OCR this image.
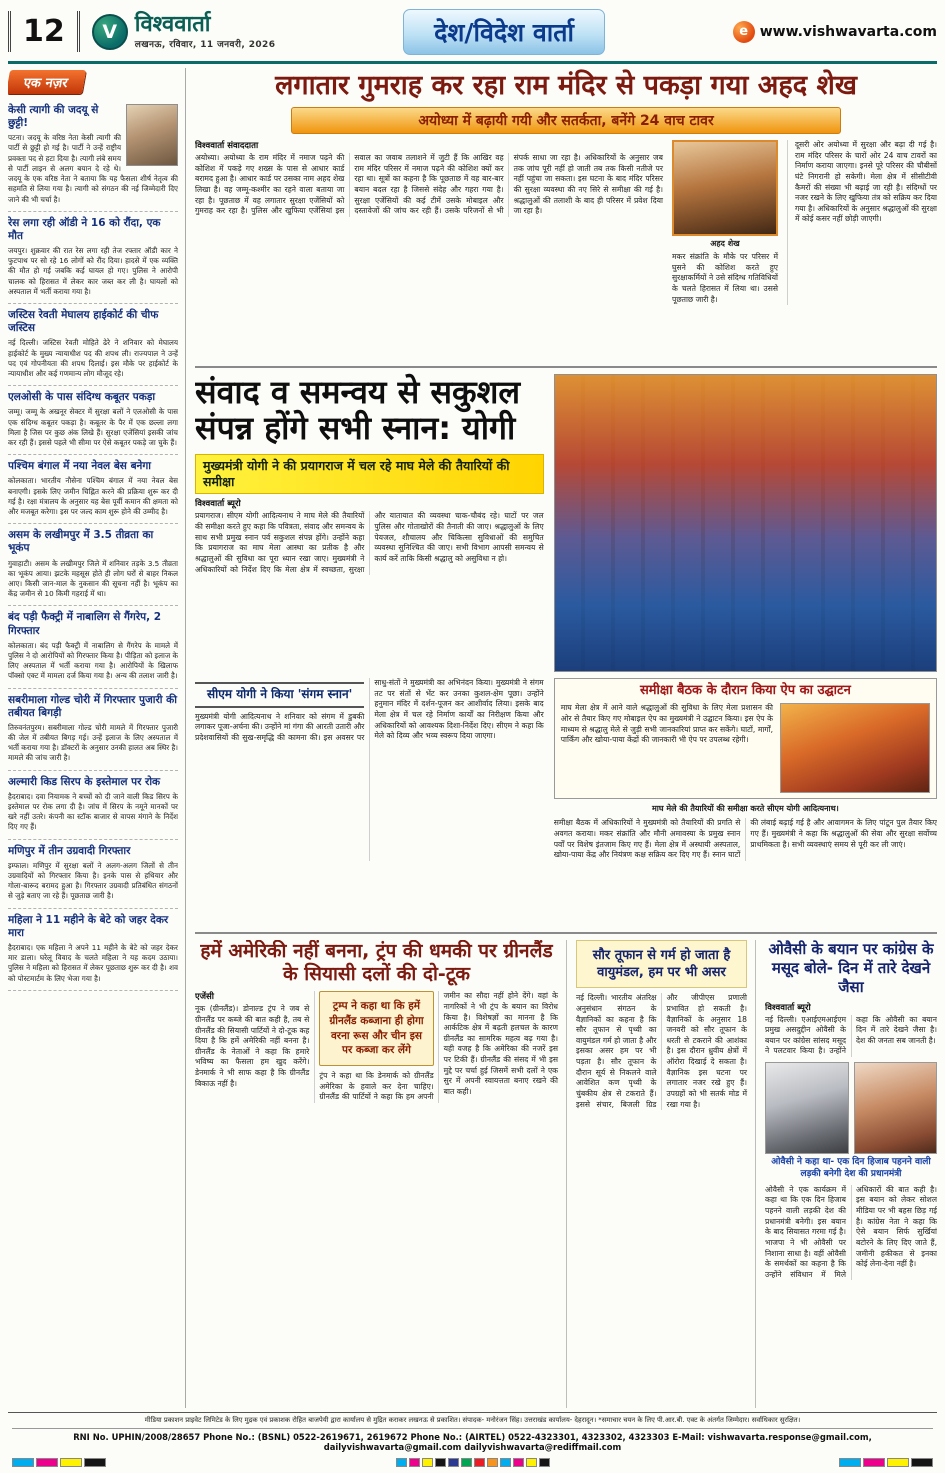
12	V विश्ववार्ता
लखनऊ, रविवार, 11 जनवरी, 2026	देश/विदेश वार्ता	e www.vishwavarta.com
एक नज़र
केसी त्यागी की जदयू से छुट्टी!
पटना। जदयू के वरिष्ठ नेता केसी त्यागी की पार्टी से छुट्टी हो गई है। पार्टी ने उन्हें राष्ट्रीय प्रवक्ता पद से हटा दिया है। त्यागी लंबे समय से पार्टी लाइन से अलग बयान दे रहे थे। जदयू के एक वरिष्ठ नेता ने बताया कि यह फैसला शीर्ष नेतृत्व की सहमति से लिया गया है। त्यागी को संगठन की नई जिम्मेदारी दिए जाने की भी चर्चा है।
रेस लगा रही ऑडी ने 16 को रौंदा, एक मौत
जयपुर। शुक्रवार की रात रेस लगा रही तेज रफ्तार ऑडी कार ने फुटपाथ पर सो रहे 16 लोगों को रौंद दिया। हादसे में एक व्यक्ति की मौत हो गई जबकि कई घायल हो गए। पुलिस ने आरोपी चालक को हिरासत में लेकर कार जब्त कर ली है। घायलों को अस्पताल में भर्ती कराया गया है।
जस्टिस रेवती मेघालय हाईकोर्ट की चीफ जस्टिस
नई दिल्ली। जस्टिस रेवती मोहिते ढेरे ने शनिवार को मेघालय हाईकोर्ट के मुख्य न्यायाधीश पद की शपथ ली। राज्यपाल ने उन्हें पद एवं गोपनीयता की शपथ दिलाई। इस मौके पर हाईकोर्ट के न्यायाधीश और कई गणमान्य लोग मौजूद रहे।
एलओसी के पास संदिग्ध कबूतर पकड़ा
जम्मू। जम्मू के अखनूर सेक्टर में सुरक्षा बलों ने एलओसी के पास एक संदिग्ध कबूतर पकड़ा है। कबूतर के पैर में एक छल्ला लगा मिला है जिस पर कुछ अंक लिखे हैं। सुरक्षा एजेंसियां इसकी जांच कर रही हैं। इससे पहले भी सीमा पर ऐसे कबूतर पकड़े जा चुके हैं।
पश्चिम बंगाल में नया नेवल बेस बनेगा
कोलकाता। भारतीय नौसेना पश्चिम बंगाल में नया नेवल बेस बनाएगी। इसके लिए जमीन चिह्नित करने की प्रक्रिया शुरू कर दी गई है। रक्षा मंत्रालय के अनुसार यह बेस पूर्वी कमान की क्षमता को और मजबूत करेगा। इस पर जल्द काम शुरू होने की उम्मीद है।
असम के लखीमपुर में 3.5 तीव्रता का भूकंप
गुवाहाटी। असम के लखीमपुर जिले में शनिवार तड़के 3.5 तीव्रता का भूकंप आया। झटके महसूस होते ही लोग घरों से बाहर निकल आए। किसी जान-माल के नुकसान की सूचना नहीं है। भूकंप का केंद्र जमीन से 10 किमी गहराई में था।
बंद पड़ी फैक्ट्री में नाबालिग से गैंगरेप, 2 गिरफ्तार
कोलकाता। बंद पड़ी फैक्ट्री में नाबालिग से गैंगरेप के मामले में पुलिस ने दो आरोपियों को गिरफ्तार किया है। पीड़िता को इलाज के लिए अस्पताल में भर्ती कराया गया है। आरोपियों के खिलाफ पॉक्सो एक्ट में मामला दर्ज किया गया है। अन्य की तलाश जारी है।
सबरीमाला गोल्ड चोरी में गिरफ्तार पुजारी की तबीयत बिगड़ी
तिरुवनंतपुरम। सबरीमाला गोल्ड चोरी मामले में गिरफ्तार पुजारी की जेल में तबीयत बिगड़ गई। उन्हें इलाज के लिए अस्पताल में भर्ती कराया गया है। डॉक्टरों के अनुसार उनकी हालत अब स्थिर है। मामले की जांच जारी है।
अल्मारी किड सिरप के इस्तेमाल पर रोक
हैदराबाद। दवा नियामक ने बच्चों को दी जाने वाली किड सिरप के इस्तेमाल पर रोक लगा दी है। जांच में सिरप के नमूने मानकों पर खरे नहीं उतरे। कंपनी का स्टॉक बाजार से वापस मंगाने के निर्देश दिए गए हैं।
मणिपुर में तीन उग्रवादी गिरफ्तार
इम्फाल। मणिपुर में सुरक्षा बलों ने अलग-अलग जिलों से तीन उग्रवादियों को गिरफ्तार किया है। इनके पास से हथियार और गोला-बारूद बरामद हुआ है। गिरफ्तार उग्रवादी प्रतिबंधित संगठनों से जुड़े बताए जा रहे हैं। पूछताछ जारी है।
महिला ने 11 महीने के बेटे को जहर देकर मारा
हैदराबाद। एक महिला ने अपने 11 महीने के बेटे को जहर देकर मार डाला। घरेलू विवाद के चलते महिला ने यह कदम उठाया। पुलिस ने महिला को हिरासत में लेकर पूछताछ शुरू कर दी है। शव को पोस्टमार्टम के लिए भेजा गया है।
लगातार गुमराह कर रहा राम मंदिर से पकड़ा गया अहद शेख
अयोध्या में बढ़ायी गयी और सतर्कता, बनेंगे 24 वाच टावर
विश्ववार्ता संवाददाता
अयोध्या। अयोध्या के राम मंदिर में नमाज पढ़ने की कोशिश में पकड़े गए शख्स के पास से आधार कार्ड बरामद हुआ है। आधार कार्ड पर उसका नाम अहद शेख लिखा है। वह जम्मू-कश्मीर का रहने वाला बताया जा रहा है। पूछताछ में वह लगातार सुरक्षा एजेंसियों को गुमराह कर रहा है। पुलिस और खुफिया एजेंसियां इस सवाल का जवाब तलाशने में जुटी हैं कि आखिर वह राम मंदिर परिसर में नमाज पढ़ने की कोशिश क्यों कर रहा था। सूत्रों का कहना है कि पूछताछ में वह बार-बार बयान बदल रहा है जिससे संदेह और गहरा गया है। सुरक्षा एजेंसियों की कई टीमें उसके मोबाइल और दस्तावेजों की जांच कर रही हैं। उसके परिजनों से भी संपर्क साधा जा रहा है। अधिकारियों के अनुसार जब तक जांच पूरी नहीं हो जाती तब तक किसी नतीजे पर नहीं पहुंचा जा सकता। इस घटना के बाद मंदिर परिसर की सुरक्षा व्यवस्था की नए सिरे से समीक्षा की गई है। श्रद्धालुओं की तलाशी के बाद ही परिसर में प्रवेश दिया जा रहा है।
अहद शेख
मकर संक्रांति के मौके पर परिसर में घुसने की कोशिश करते हुए सुरक्षाकर्मियों ने उसे संदिग्ध गतिविधियों के चलते हिरासत में लिया था। उससे पूछताछ जारी है।
दूसरी ओर अयोध्या में सुरक्षा और बढ़ा दी गई है। राम मंदिर परिसर के चारों ओर 24 वाच टावरों का निर्माण कराया जाएगा। इनसे पूरे परिसर की चौबीसों घंटे निगरानी हो सकेगी। मेला क्षेत्र में सीसीटीवी कैमरों की संख्या भी बढ़ाई जा रही है। संदिग्धों पर नजर रखने के लिए खुफिया तंत्र को सक्रिय कर दिया गया है। अधिकारियों के अनुसार श्रद्धालुओं की सुरक्षा में कोई कसर नहीं छोड़ी जाएगी।
संवाद व समन्वय से सकुशल
संपन्न होंगे सभी स्नान: योगी
मुख्यमंत्री योगी ने की प्रयागराज में चल रहे माघ मेले की तैयारियों की समीक्षा
विश्ववार्ता ब्यूरो
प्रयागराज। सीएम योगी आदित्यनाथ ने माघ मेले की तैयारियों की समीक्षा करते हुए कहा कि पवित्रता, संवाद और समन्वय के साथ सभी प्रमुख स्नान पर्व सकुशल संपन्न होंगे। उन्होंने कहा कि प्रयागराज का माघ मेला आस्था का प्रतीक है और श्रद्धालुओं की सुविधा का पूरा ध्यान रखा जाए। मुख्यमंत्री ने अधिकारियों को निर्देश दिए कि मेला क्षेत्र में स्वच्छता, सुरक्षा और यातायात की व्यवस्था चाक-चौबंद रहे। घाटों पर जल पुलिस और गोताखोरों की तैनाती की जाए। श्रद्धालुओं के लिए पेयजल, शौचालय और चिकित्सा सुविधाओं की समुचित व्यवस्था सुनिश्चित की जाए। सभी विभाग आपसी समन्वय से कार्य करें ताकि किसी श्रद्धालु को असुविधा न हो।
सीएम योगी ने किया 'संगम स्नान'
मुख्यमंत्री योगी आदित्यनाथ ने शनिवार को संगम में डुबकी लगाकर पूजा-अर्चना की। उन्होंने मां गंगा की आरती उतारी और प्रदेशवासियों की सुख-समृद्धि की कामना की। इस अवसर पर साधु-संतों ने मुख्यमंत्री का अभिनंदन किया। मुख्यमंत्री ने संगम तट पर संतों से भेंट कर उनका कुशल-क्षेम पूछा। उन्होंने हनुमान मंदिर में दर्शन-पूजन कर आशीर्वाद लिया। इसके बाद मेला क्षेत्र में चल रहे निर्माण कार्यों का निरीक्षण किया और अधिकारियों को आवश्यक दिशा-निर्देश दिए। सीएम ने कहा कि मेले को दिव्य और भव्य स्वरूप दिया जाएगा।
समीक्षा बैठक के दौरान किया ऐप का उद्घाटन
माघ मेला क्षेत्र में आने वाले श्रद्धालुओं की सुविधा के लिए मेला प्रशासन की ओर से तैयार किए गए मोबाइल ऐप का मुख्यमंत्री ने उद्घाटन किया। इस ऐप के माध्यम से श्रद्धालु मेले से जुड़ी सभी जानकारियां प्राप्त कर सकेंगे। घाटों, मार्गों, पार्किंग और खोया-पाया केंद्रों की जानकारी भी ऐप पर उपलब्ध रहेगी।
माघ मेले की तैयारियों की समीक्षा करते सीएम योगी आदित्यनाथ।
समीक्षा बैठक में अधिकारियों ने मुख्यमंत्री को तैयारियों की प्रगति से अवगत कराया। मकर संक्रांति और मौनी अमावस्या के प्रमुख स्नान पर्वों पर विशेष इंतजाम किए गए हैं। मेला क्षेत्र में अस्थायी अस्पताल, खोया-पाया केंद्र और नियंत्रण कक्ष सक्रिय कर दिए गए हैं। स्नान घाटों की लंबाई बढ़ाई गई है और आवागमन के लिए पांटून पुल तैयार किए गए हैं। मुख्यमंत्री ने कहा कि श्रद्धालुओं की सेवा और सुरक्षा सर्वोच्च प्राथमिकता है। सभी व्यवस्थाएं समय से पूरी कर ली जाएं।
हमें अमेरिकी नहीं बनना, ट्रंप की धमकी पर ग्रीनलैंड के सियासी दलों की दो-टूक
एजेंसी
नूक (ग्रीनलैंड)। डोनाल्ड ट्रंप ने जब से ग्रीनलैंड पर कब्जे की बात कही है, तब से ग्रीनलैंड की सियासी पार्टियों ने दो-टूक कह दिया है कि हमें अमेरिकी नहीं बनना है। ग्रीनलैंड के नेताओं ने कहा कि हमारे भविष्य का फैसला हम खुद करेंगे। डेनमार्क ने भी साफ कहा है कि ग्रीनलैंड बिकाऊ नहीं है।
ट्रम्प ने कहा था कि हमें ग्रीनलैंड कब्जाना ही होगा वरना रूस और चीन इस पर कब्जा कर लेंगे
ट्रंप ने कहा था कि डेनमार्क को ग्रीनलैंड अमेरिका के हवाले कर देना चाहिए। ग्रीनलैंड की पार्टियों ने कहा कि हम अपनी जमीन का सौदा नहीं होने देंगे। वहां के नागरिकों ने भी ट्रंप के बयान का विरोध किया है। विशेषज्ञों का मानना है कि आर्कटिक क्षेत्र में बढ़ती हलचल के कारण ग्रीनलैंड का सामरिक महत्व बढ़ गया है। यही वजह है कि अमेरिका की नजरें इस पर टिकी हैं। ग्रीनलैंड की संसद में भी इस मुद्दे पर चर्चा हुई जिसमें सभी दलों ने एक सुर में अपनी स्वायत्तता बनाए रखने की बात कही।
सौर तूफान से गर्म हो जाता है वायुमंडल, हम पर भी असर
नई दिल्ली। भारतीय अंतरिक्ष अनुसंधान संगठन के वैज्ञानिकों का कहना है कि सौर तूफान से पृथ्वी का वायुमंडल गर्म हो जाता है और इसका असर हम पर भी पड़ता है। सौर तूफान के दौरान सूर्य से निकलने वाले आवेशित कण पृथ्वी के चुंबकीय क्षेत्र से टकराते हैं। इससे संचार, बिजली ग्रिड और जीपीएस प्रणाली प्रभावित हो सकती है। वैज्ञानिकों के अनुसार 18 जनवरी को सौर तूफान के धरती से टकराने की आशंका है। इस दौरान ध्रुवीय क्षेत्रों में ऑरोरा दिखाई दे सकता है। वैज्ञानिक इस घटना पर लगातार नजर रखे हुए हैं। उपग्रहों को भी सतर्क मोड में रखा गया है।
ओवैसी के बयान पर कांग्रेस के मसूद बोले- दिन में तारे देखने जैसा
विश्ववार्ता ब्यूरो
नई दिल्ली। एआईएमआईएम प्रमुख असदुद्दीन ओवैसी के बयान पर कांग्रेस सांसद मसूद ने पलटवार किया है। उन्होंने कहा कि ओवैसी का बयान दिन में तारे देखने जैसा है। देश की जनता सब जानती है।
ओवैसी ने कहा था- एक दिन हिजाब पहनने वाली लड़की बनेगी देश की प्रधानमंत्री
ओवैसी ने एक कार्यक्रम में कहा था कि एक दिन हिजाब पहनने वाली लड़की देश की प्रधानमंत्री बनेगी। इस बयान के बाद सियासत गरमा गई है। भाजपा ने भी ओवैसी पर निशाना साधा है। वहीं ओवैसी के समर्थकों का कहना है कि उन्होंने संविधान में मिले अधिकारों की बात कही है। इस बयान को लेकर सोशल मीडिया पर भी बहस छिड़ गई है। कांग्रेस नेता ने कहा कि ऐसे बयान सिर्फ सुर्खियां बटोरने के लिए दिए जाते हैं, जमीनी हकीकत से इनका कोई लेना-देना नहीं है।
मीडिया प्रकाशन प्राइवेट लिमिटेड के लिए मुद्रक एवं प्रकाशक रोहित बाजपेयी द्वारा कार्यालय से मुद्रित कराकर लखनऊ से प्रकाशित। संपादक- मनोरंजन सिंह। उत्तराखंड कार्यालय- देहरादून। *समाचार चयन के लिए पी.आर.बी. एक्ट के अंतर्गत जिम्मेदार। सर्वाधिकार सुरक्षित।
RNI No. UPHIN/2008/28657 Phone No.: (BSNL) 0522-2619671, 2619672 Phone No.: (AIRTEL) 0522-4323301, 4323302, 4323303 E-Mail: vishwavarta.response@gmail.com, dailyvishwavarta@gmail.com dailyvishwavarta@rediffmail.com
